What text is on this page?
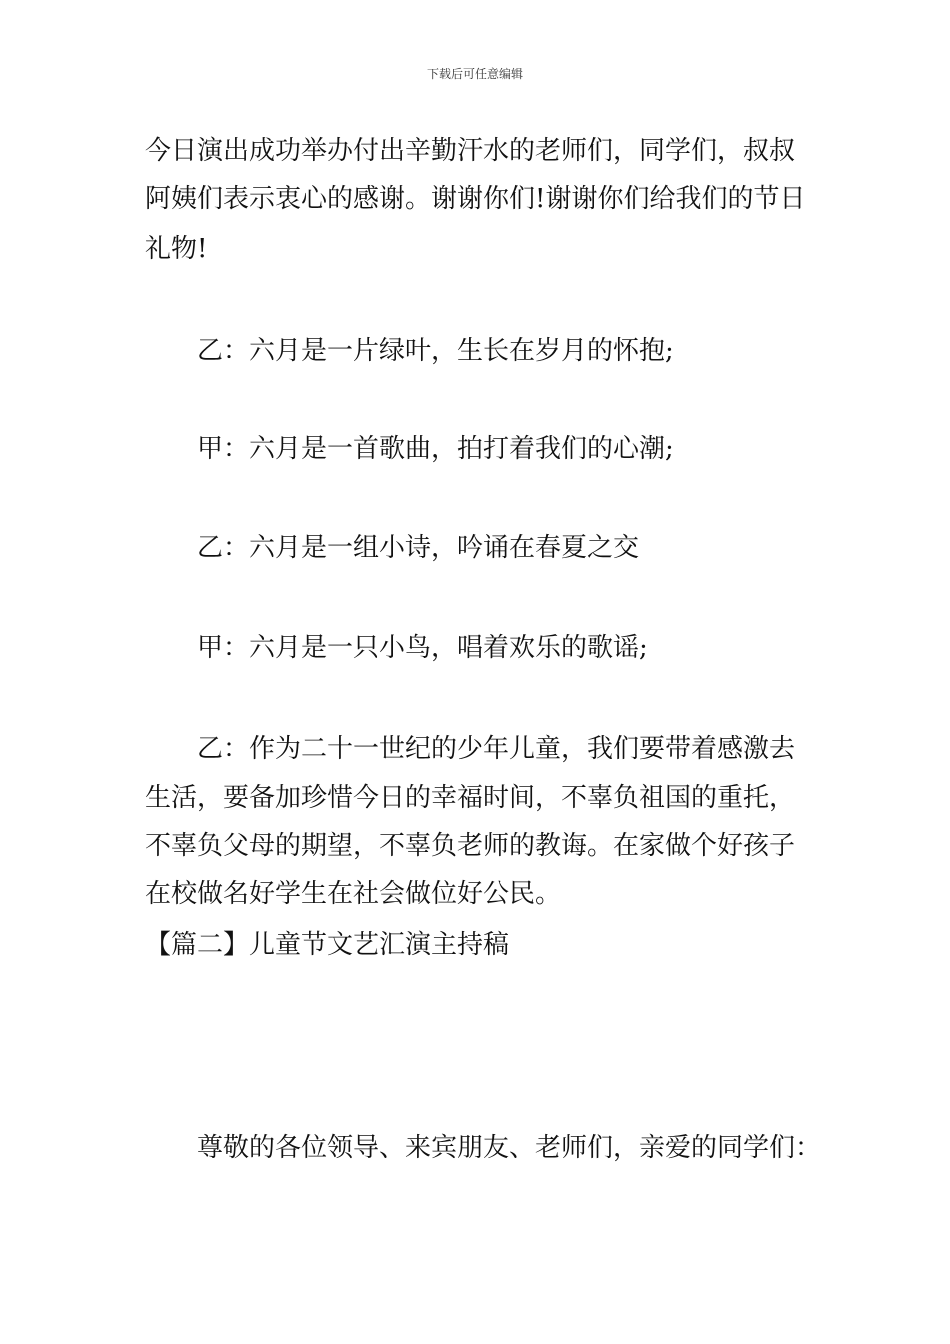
下载后可任意编辑
今日演出成功举办付出辛勤汗水的老师们，同学们，叔叔
阿姨们表示衷心的感谢。谢谢你们!谢谢你们给我们的节日
礼物!
乙：六月是一片绿叶，生长在岁月的怀抱;
甲：六月是一首歌曲，拍打着我们的心潮;
乙：六月是一组小诗，吟诵在春夏之交
甲：六月是一只小鸟，唱着欢乐的歌谣;
乙：作为二十一世纪的少年儿童，我们要带着感激去
生活，要备加珍惜今日的幸福时间，不辜负祖国的重托，
不辜负父母的期望，不辜负老师的教诲。在家做个好孩子
在校做名好学生在社会做位好公民。
【篇二】儿童节文艺汇演主持稿
尊敬的各位领导、来宾朋友、老师们，亲爱的同学们：
